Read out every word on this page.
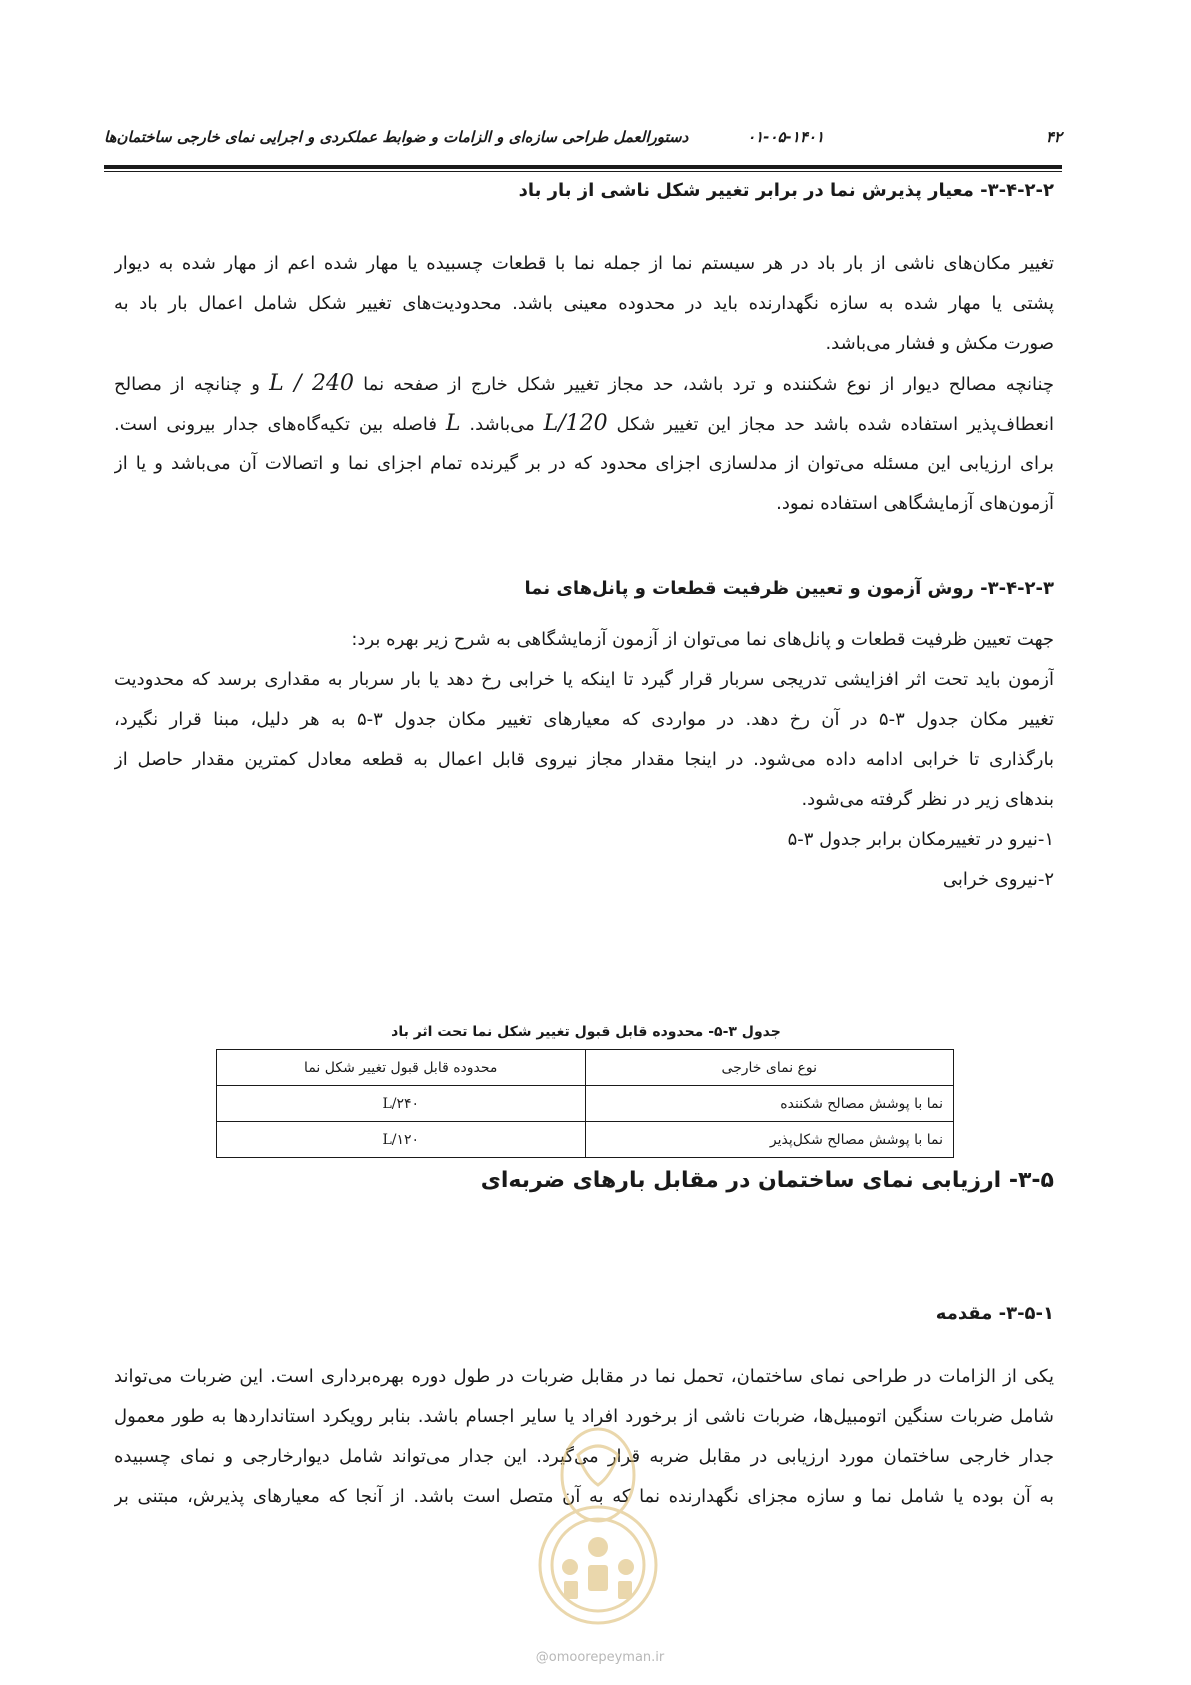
۴۲
۰۱-۰۵-۱۴۰۱
دستورالعمل طراحی سازه‌ای و الزامات و ضوابط عملکردی و اجرایی نمای خارجی ساختمان‌ها
۳-۴-۲-۲- معیار پذیرش نما در برابر تغییر شکل ناشی از بار باد
تغییر مکان‌های ناشی از بار باد در هر سیستم نما از جمله نما با قطعات چسبیده یا مهار شده اعم از مهار شده به دیوار
پشتی یا مهار شده به سازه نگهدارنده باید در محدوده معینی باشد. محدودیت‌های تغییر شکل شامل اعمال بار باد به
صورت مکش و فشار می‌باشد.
چنانچه مصالح دیوار از نوع شکننده و ترد باشد، حد مجاز تغییر شکل خارج از صفحه نما L / 240 و چنانچه از مصالح
انعطاف‌پذیر استفاده شده باشد حد مجاز این تغییر شکل L/120 می‌باشد. L فاصله بین تکیه‌گاه‌های جدار بیرونی است.
برای ارزیابی این مسئله می‌توان از مدلسازی اجزای محدود که در بر گیرنده تمام اجزای نما و اتصالات آن می‌باشد و یا از
آزمون‌های آزمایشگاهی استفاده نمود.
۳-۴-۲-۳- روش آزمون و تعیین ظرفیت قطعات و پانل‌های نما
جهت تعیین ظرفیت قطعات و پانل‌های نما می‌توان از آزمون آزمایشگاهی به شرح زیر بهره برد:
آزمون باید تحت اثر افزایشی تدریجی سربار قرار گیرد تا اینکه یا خرابی رخ دهد یا بار سربار به مقداری برسد که محدودیت
تغییر مکان جدول ۳-۵ در آن رخ دهد. در مواردی که معیارهای تغییر مکان جدول ۳-۵ به هر دلیل، مبنا قرار نگیرد،
بارگذاری تا خرابی ادامه داده می‌شود. در اینجا مقدار مجاز نیروی قابل اعمال به قطعه معادل کمترین مقدار حاصل از
بندهای زیر در نظر گرفته می‌شود.
۱-نیرو در تغییرمکان برابر جدول ۳-۵
۲-نیروی خرابی
جدول ۳-۵- محدوده قابل قبول تغییر شکل نما تحت اثر باد
نوع نمای خارجی	محدوده قابل قبول تغییر شکل نما
نما با پوشش مصالح شکننده	L/۲۴۰
نما با پوشش مصالح شکل‌پذیر	L/۱۲۰
۳-۵- ارزیابی نمای ساختمان در مقابل بارهای ضربه‌ای
۳-۵-۱- مقدمه
یکی از الزامات در طراحی نمای ساختمان، تحمل نما در مقابل ضربات در طول دوره بهره‌برداری است. این ضربات می‌تواند
شامل ضربات سنگین اتومبیل‌ها، ضربات ناشی از برخورد افراد یا سایر اجسام باشد. بنابر رویکرد استانداردها به طور معمول
جدار خارجی ساختمان مورد ارزیابی در مقابل ضربه قرار می‌گیرد. این جدار می‌تواند شامل دیوارخارجی و نمای چسبیده
به آن بوده یا شامل نما و سازه مجزای نگهدارنده نما که به آن متصل است باشد. از آنجا که معیارهای پذیرش، مبتنی بر
@omoorepeyman.ir
